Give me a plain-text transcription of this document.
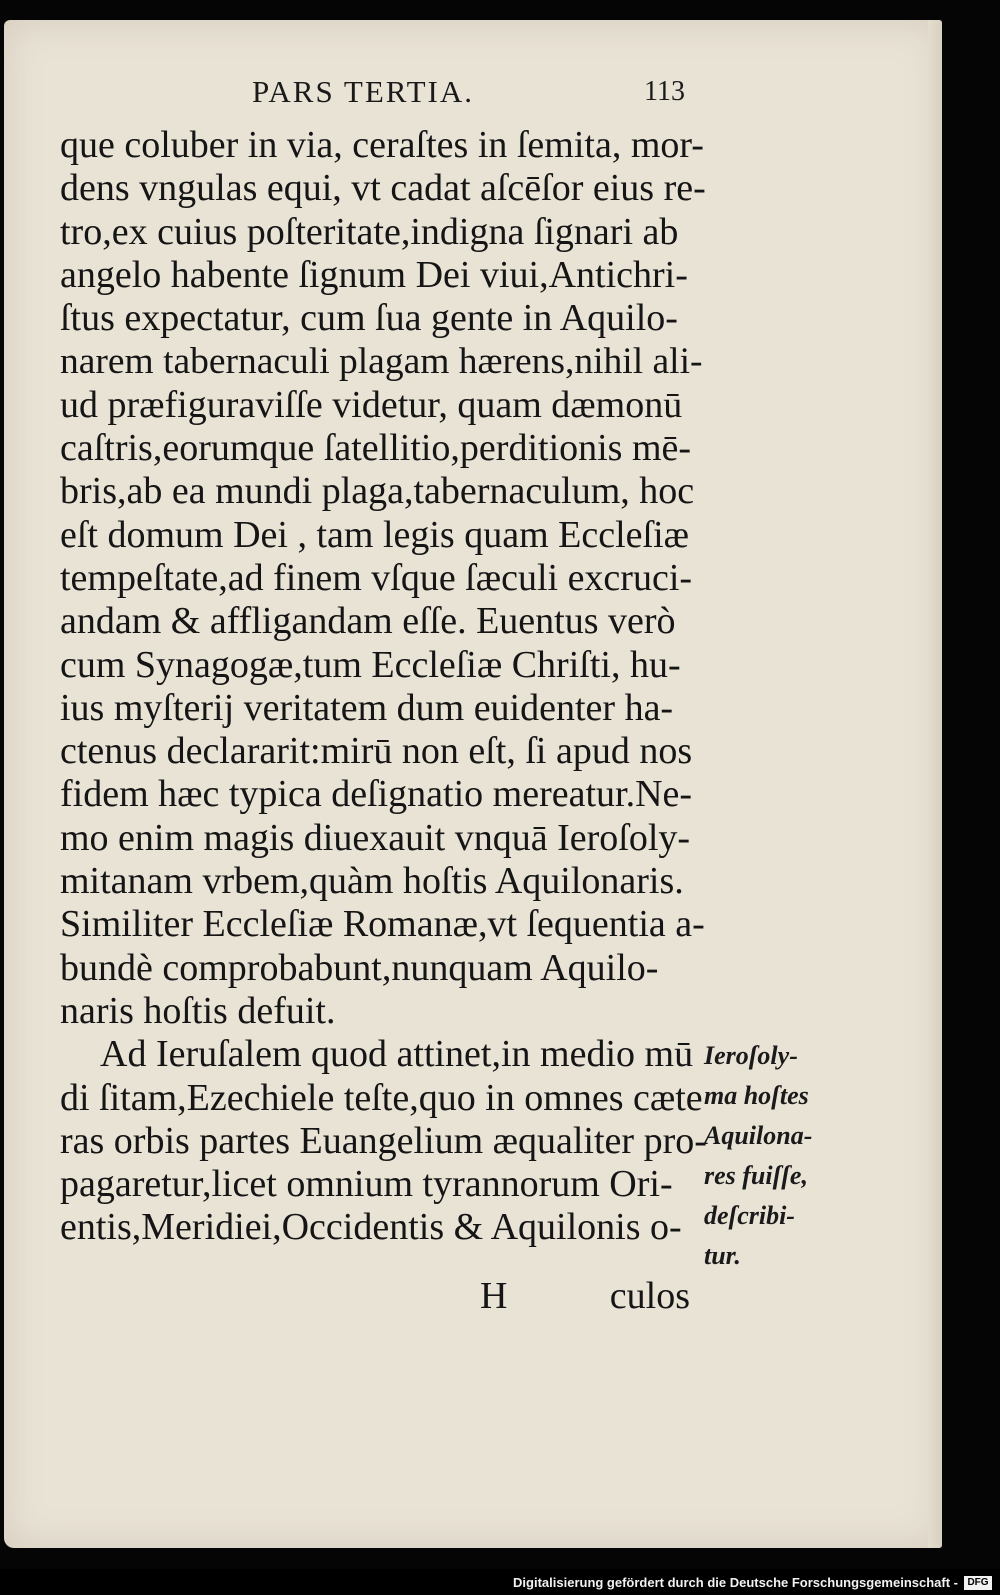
PARS TERTIA.	113
que coluber in via, ceraſtes in ſemita, mor-
dens vngulas equi, vt cadat aſcēſor eius re-
tro,ex cuius poſteritate,indigna ſignari ab
angelo habente ſignum Dei viui,Antichri-
ſtus expectatur, cum ſua gente in Aquilo-
narem tabernaculi plagam hærens,nihil ali-
ud præfiguraviſſe videtur, quam dæmonū
caſtris,eorumque ſatellitio,perditionis mē-
bris,ab ea mundi plaga,tabernaculum, hoc
eſt domum Dei , tam legis quam Eccleſiæ
tempeſtate,ad finem vſque ſæculi excruci-
andam & affligandam eſſe. Euentus verò
cum Synagogæ,tum Eccleſiæ Chriſti, hu-
ius myſterij veritatem dum euidenter ha-
ctenus declararit:mirū non eſt, ſi apud nos
fidem hæc typica deſignatio mereatur.Ne-
mo enim magis diuexauit vnquā Ieroſoly-
mitanam vrbem,quàm hoſtis Aquilonaris.
Similiter Eccleſiæ Romanæ,vt ſequentia a-
bundè comprobabunt,nunquam Aquilo-
naris hoſtis defuit.
Ad Ieruſalem quod attinet,in medio mū
di ſitam,Ezechiele teſte,quo in omnes cæte
ras orbis partes Euangelium æqualiter pro-
pagaretur,licet omnium tyrannorum Ori-
entis,Meridiei,Occidentis & Aquilonis o-
Ieroſoly-
ma hoſtes
Aquilona-
res fuiſſe,
deſcribi-
tur.
H	culos
Digitalisierung gefördert durch die Deutsche Forschungsgemeinschaft - DFG
